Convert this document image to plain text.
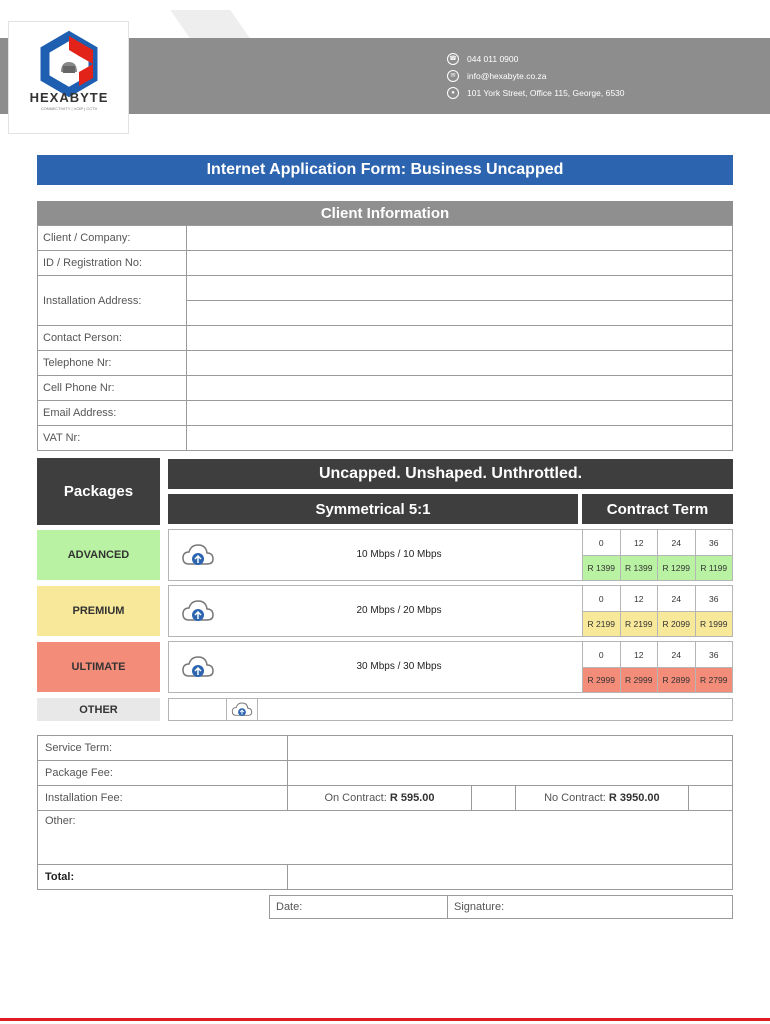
HEXABYTE
CONNECTIVITY | VOIP | CCTV
☎ 044 011 0900
✉	info@hexabyte.co.za
●	101 York Street, Office 115, George, 6530
Internet Application Form: Business Uncapped
Client Information
Client / Company:	
ID / Registration No:	
Installation Address:	

Contact Person:	
Telephone Nr:	
Cell Phone Nr:	
Email Address:	
VAT Nr:	
Packages
Uncapped. Unshaped. Unthrottled.
Symmetrical 5:1	Contract Term
ADVANCED	10 Mbps / 10 Mbps
0	12	24	36
R 1399	R 1399	R 1299	R 1199
PREMIUM	20 Mbps / 20 Mbps
0	12	24	36
R 2199	R 2199	R 2099	R 1999
ULTIMATE	30 Mbps / 30 Mbps
0	12	24	36
R 2999	R 2999	R 2899	R 2799
OTHER
Service Term:				
Package Fee:				
Installation Fee:	On Contract: R 595.00		No Contract: R 3950.00	
Other:				
Total:				
Date:	Signature:
